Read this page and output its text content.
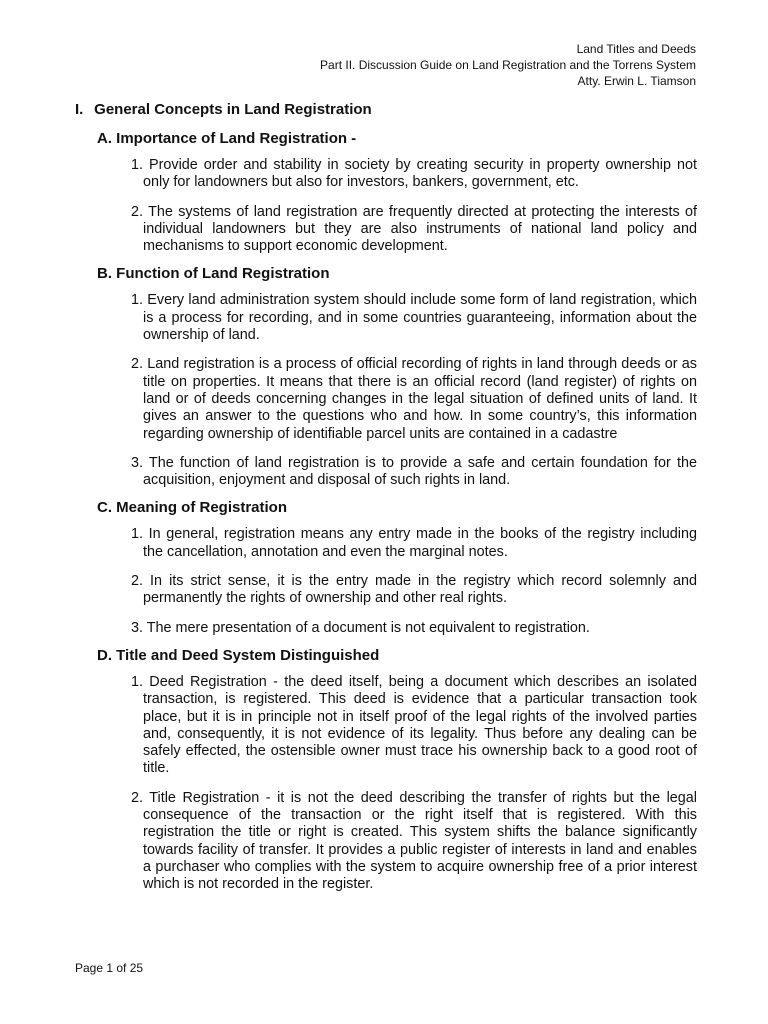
Land Titles and Deeds
Part II. Discussion Guide on Land Registration and the Torrens System
Atty. Erwin L. Tiamson
I. General Concepts in Land Registration
A. Importance of Land Registration -
1. Provide order and stability in society by creating security in property ownership not only for landowners but also for investors, bankers, government, etc.
2. The systems of land registration are frequently directed at protecting the interests of individual landowners but they are also instruments of national land policy and mechanisms to support economic development.
B. Function of Land Registration
1. Every land administration system should include some form of land registration, which is a process for recording, and in some countries guaranteeing, information about the ownership of land.
2. Land registration is a process of official recording of rights in land through deeds or as title on properties. It means that there is an official record (land register) of rights on land or of deeds concerning changes in the legal situation of defined units of land. It gives an answer to the questions who and how. In some country’s, this information regarding ownership of identifiable parcel units are contained in a cadastre
3. The function of land registration is to provide a safe and certain foundation for the acquisition, enjoyment and disposal of such rights in land.
C. Meaning of Registration
1. In general, registration means any entry made in the books of the registry including the cancellation, annotation and even the marginal notes.
2. In its strict sense, it is the entry made in the registry which record solemnly and permanently the rights of ownership and other real rights.
3. The mere presentation of a document is not equivalent to registration.
D. Title and Deed System Distinguished
1. Deed Registration - the deed itself, being a document which describes an isolated transaction, is registered. This deed is evidence that a particular transaction took place, but it is in principle not in itself proof of the legal rights of the involved parties and, consequently, it is not evidence of its legality. Thus before any dealing can be safely effected, the ostensible owner must trace his ownership back to a good root of title.
2. Title Registration - it is not the deed describing the transfer of rights but the legal consequence of the transaction or the right itself that is registered. With this registration the title or right is created. This system shifts the balance significantly towards facility of transfer. It provides a public register of interests in land and enables a purchaser who complies with the system to acquire ownership free of a prior interest which is not recorded in the register.
Page 1 of 25
